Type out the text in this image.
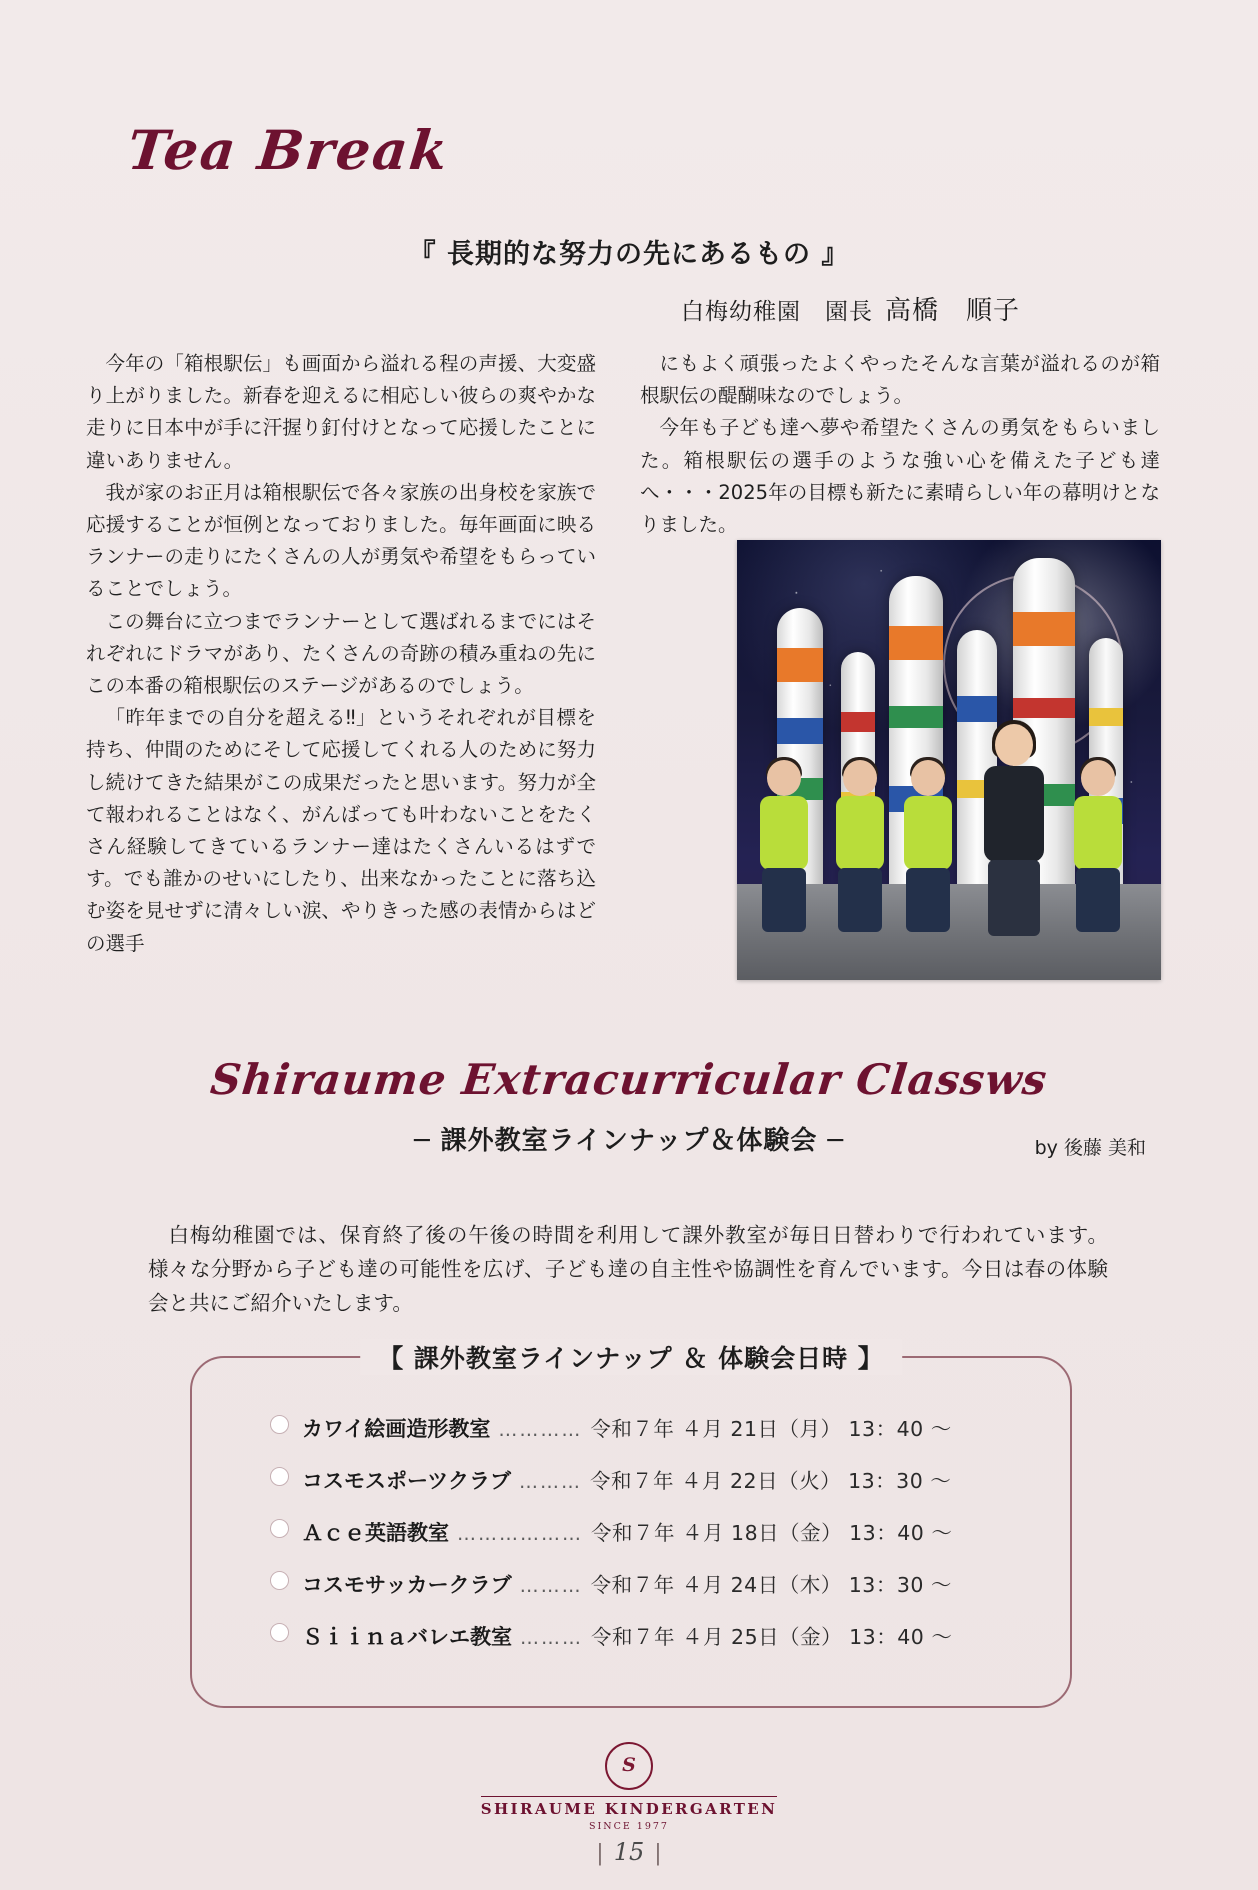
Tea Break
『 長期的な努力の先にあるもの 』
白梅幼稚園　園長 高橋　順子

今年の「箱根駅伝」も画面から溢れる程の声援、大変盛り上がりました。新春を迎えるに相応しい彼らの爽やかな走りに日本中が手に汗握り釘付けとなって応援したことに違いありません。

我が家のお正月は箱根駅伝で各々家族の出身校を家族で応援することが恒例となっておりました。毎年画面に映るランナーの走りにたくさんの人が勇気や希望をもらっていることでしょう。

この舞台に立つまでランナーとして選ばれるまでにはそれぞれにドラマがあり、たくさんの奇跡の積み重ねの先にこの本番の箱根駅伝のステージがあるのでしょう。

「昨年までの自分を超える‼」というそれぞれが目標を持ち、仲間のためにそして応援してくれる人のために努力し続けてきた結果がこの成果だったと思います。努力が全て報われることはなく、がんばっても叶わないことをたくさん経験してきているランナー達はたくさんいるはずです。でも誰かのせいにしたり、出来なかったことに落ち込む姿を見せずに清々しい涙、やりきった感の表情からはどの選手

にもよく頑張ったよくやったそんな言葉が溢れるのが箱根駅伝の醍醐味なのでしょう。

今年も子ども達へ夢や希望たくさんの勇気をもらいました。箱根駅伝の選手のような強い心を備えた子ども達へ・・・2025年の目標も新たに素晴らしい年の幕明けとなりました。

Shiraume Extracurricular Classws
─ 課外教室ラインナップ＆体験会 ─	by 後藤 美和

白梅幼稚園では、保育終了後の午後の時間を利用して課外教室が毎日日替わりで行われています。様々な分野から子ども達の可能性を広げ、子ども達の自主性や協調性を育んでいます。今日は春の体験会と共にご紹介いたします。

【 課外教室ラインナップ ＆ 体験会日時 】
カワイ絵画造形教室 ………… 令和７年 ４月 21日（月） 13：40 〜
コスモスポーツクラブ ……… 令和７年 ４月 22日（火） 13：30 〜
Ａｃｅ英語教室 ……………… 令和７年 ４月 18日（金） 13：40 〜
コスモサッカークラブ ……… 令和７年 ４月 24日（木） 13：30 〜
Ｓｉｉｎａバレエ教室 ……… 令和７年 ４月 25日（金） 13：40 〜
S
SHIRAUME KINDERGARTEN
SINCE 1977
| 15 |
